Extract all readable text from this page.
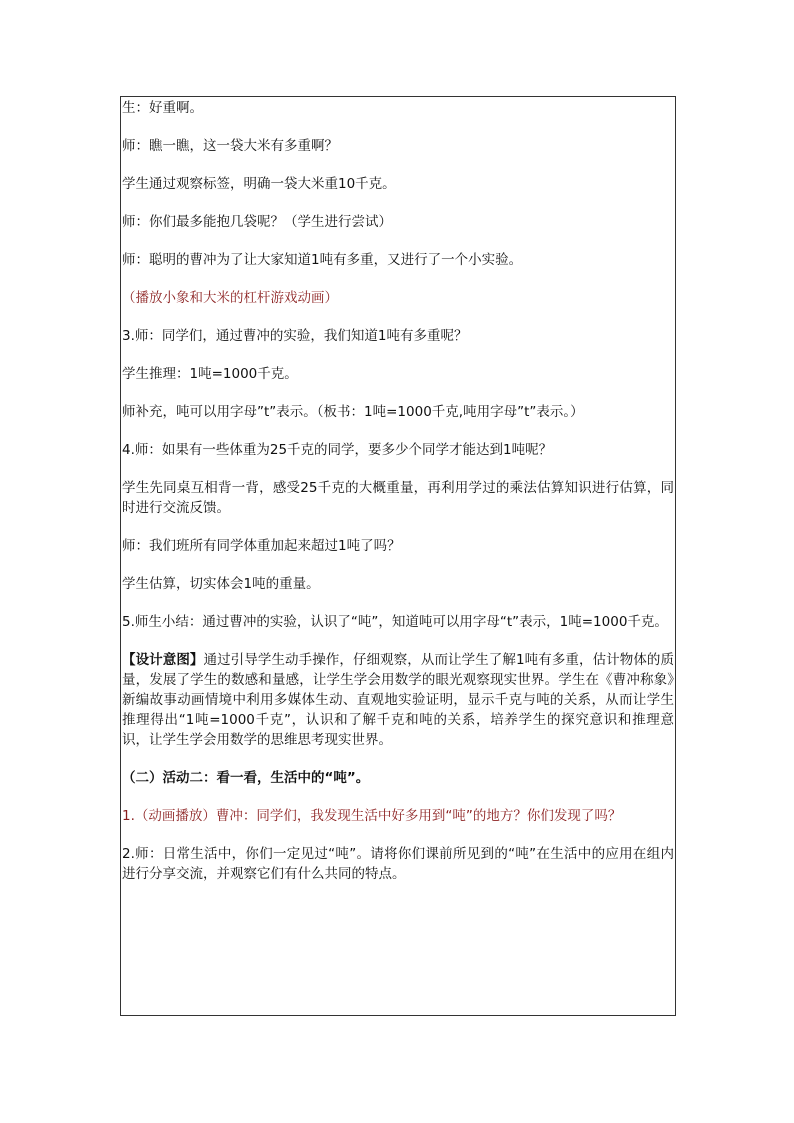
生：好重啊。

师：瞧一瞧，这一袋大米有多重啊？

学生通过观察标签，明确一袋大米重10千克。

师：你们最多能抱几袋呢？（学生进行尝试）

师：聪明的曹冲为了让大家知道1吨有多重，又进行了一个小实验。

（播放小象和大米的杠杆游戏动画）

3.师：同学们，通过曹冲的实验，我们知道1吨有多重呢？

学生推理：1吨=1000千克。

师补充，吨可以用字母”t”表示。（板书：1吨=1000千克,吨用字母”t”表示。）

4.师：如果有一些体重为25千克的同学，要多少个同学才能达到1吨呢？

学生先同桌互相背一背，感受25千克的大概重量，再利用学过的乘法估算知识进行估算，同时进行交流反馈。

师：我们班所有同学体重加起来超过1吨了吗？

学生估算，切实体会1吨的重量。

5.师生小结：通过曹冲的实验，认识了“吨”，知道吨可以用字母“t”表示，1吨=1000千克。

【设计意图】通过引导学生动手操作，仔细观察，从而让学生了解1吨有多重，估计物体的质量，发展了学生的数感和量感，让学生学会用数学的眼光观察现实世界。学生在《曹冲称象》新编故事动画情境中利用多媒体生动、直观地实验证明，显示千克与吨的关系，从而让学生推理得出“1吨=1000千克”，认识和了解千克和吨的关系，培养学生的探究意识和推理意识，让学生学会用数学的思维思考现实世界。

（二）活动二：看一看，生活中的“吨”。

1.（动画播放）曹冲：同学们，我发现生活中好多用到“吨”的地方？你们发现了吗？

2.师：日常生活中，你们一定见过“吨”。请将你们课前所见到的“吨”在生活中的应用在组内进行分享交流，并观察它们有什么共同的特点。
